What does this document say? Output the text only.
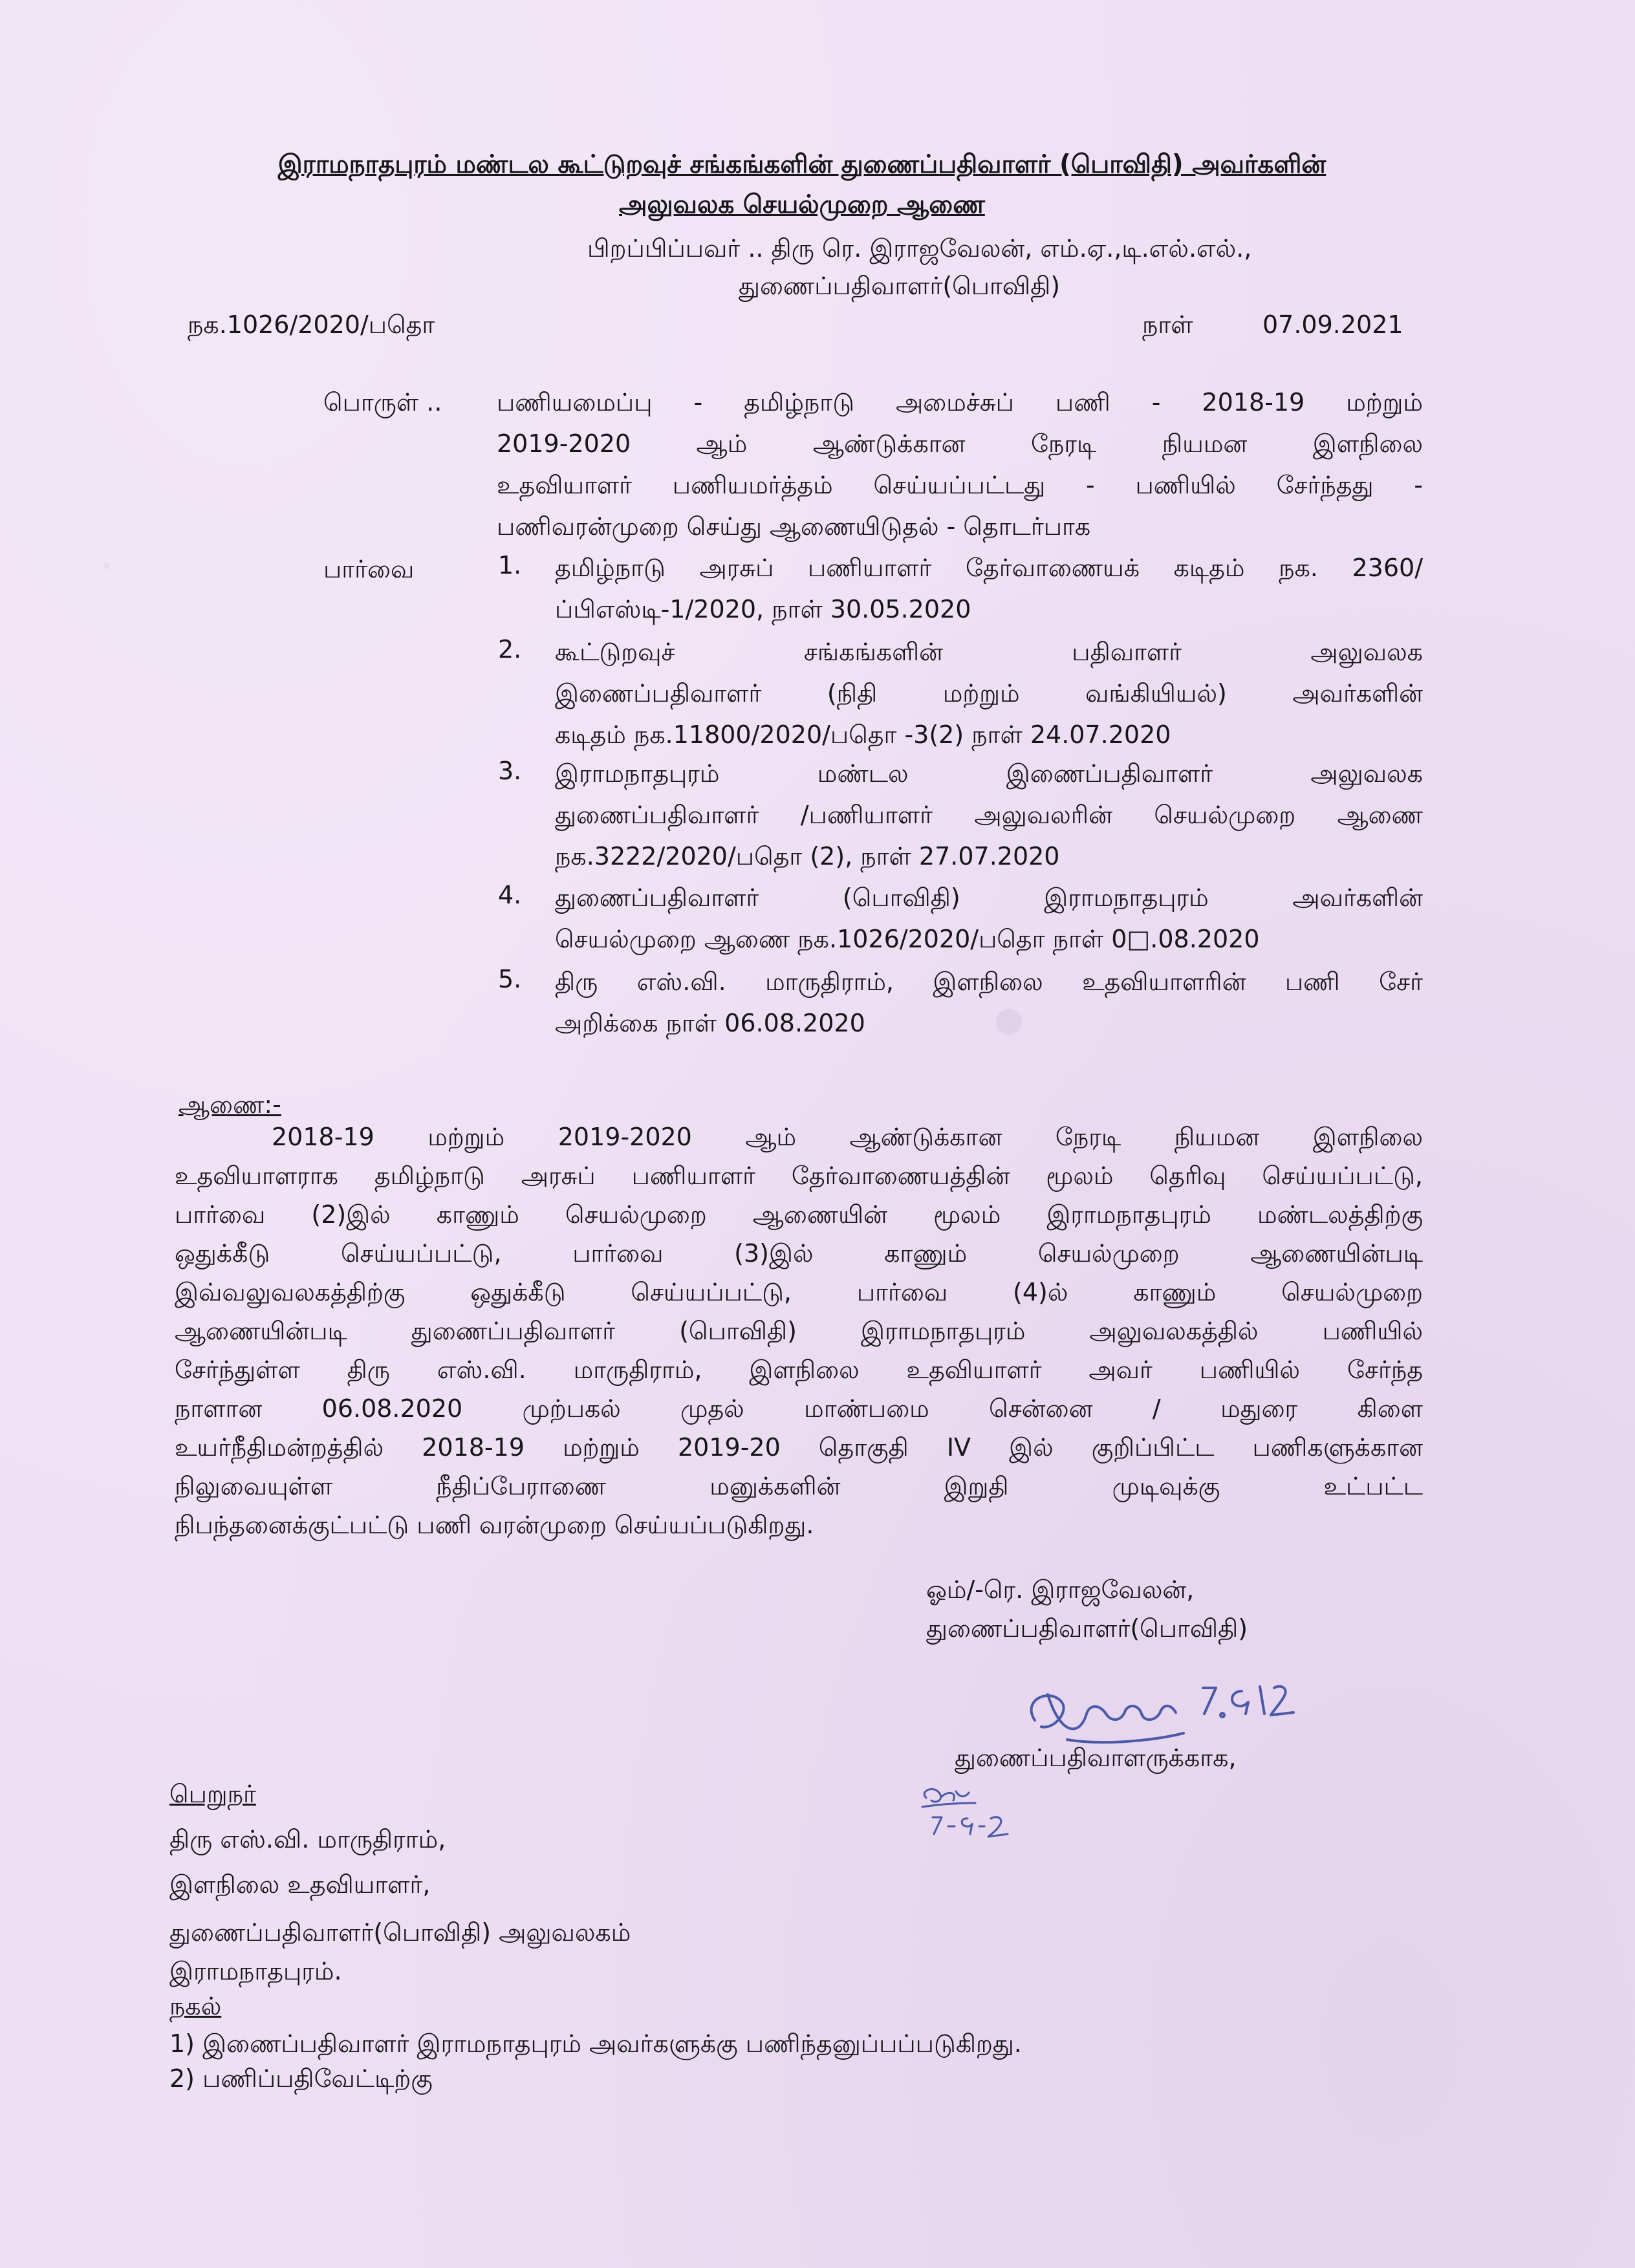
இராமநாதபுரம் மண்டல கூட்டுறவுச் சங்கங்களின் துணைப்பதிவாளர் (பொவிதி) அவர்களின்
அலுவலக செயல்முறை ஆணை
பிறப்பிப்பவர் .. திரு ரெ. இராஜவேலன், எம்.ஏ.,டி.எல்.எல்.,
துணைப்பதிவாளர்(பொவிதி)
நக.1026/2020/பதொ	நாள்	07.09.2021
பொருள் .. பணியமைப்பு - தமிழ்நாடு அமைச்சுப் பணி - 2018-19 மற்றும்
2019-2020 ஆம் ஆண்டுக்கான நேரடி நியமன இளநிலை
உதவியாளர் பணியமர்த்தம் செய்யப்பட்டது - பணியில் சேர்ந்தது -
பணிவரன்முறை செய்து ஆணையிடுதல் - தொடர்பாக
பார்வை	1. தமிழ்நாடு அரசுப் பணியாளர் தேர்வாணையக் கடிதம் நக. 2360/
ப்பிஎஸ்டி-1/2020, நாள் 30.05.2020
2. கூட்டுறவுச் சங்கங்களின் பதிவாளர் அலுவலக
இணைப்பதிவாளர் (நிதி மற்றும் வங்கியியல்) அவர்களின்
கடிதம் நக.11800/2020/பதொ -3(2) நாள் 24.07.2020
3. இராமநாதபுரம் மண்டல இணைப்பதிவாளர் அலுவலக
துணைப்பதிவாளர் /பணியாளர் அலுவலரின் செயல்முறை ஆணை
நக.3222/2020/பதொ (2), நாள் 27.07.2020
4. துணைப்பதிவாளர் (பொவிதி) இராமநாதபுரம் அவர்களின்
செயல்முறை ஆணை நக.1026/2020/பதொ நாள் 0□.08.2020
5. திரு எஸ்.வி. மாருதிராம், இளநிலை உதவியாளரின் பணி சேர்
அறிக்கை நாள் 06.08.2020
ஆணை:-
2018-19 மற்றும் 2019-2020 ஆம் ஆண்டுக்கான நேரடி நியமன இளநிலை
உதவியாளராக தமிழ்நாடு அரசுப் பணியாளர் தேர்வாணையத்தின் மூலம் தெரிவு செய்யப்பட்டு,
பார்வை (2)இல் காணும் செயல்முறை ஆணையின் மூலம் இராமநாதபுரம் மண்டலத்திற்கு
ஒதுக்கீடு செய்யப்பட்டு, பார்வை (3)இல் காணும் செயல்முறை ஆணையின்படி
இவ்வலுவலகத்திற்கு ஒதுக்கீடு செய்யப்பட்டு, பார்வை (4)ல் காணும் செயல்முறை
ஆணையின்படி துணைப்பதிவாளர் (பொவிதி) இராமநாதபுரம் அலுவலகத்தில் பணியில்
சேர்ந்துள்ள திரு எஸ்.வி. மாருதிராம், இளநிலை உதவியாளர் அவர் பணியில் சேர்ந்த
நாளான 06.08.2020 முற்பகல் முதல் மாண்பமை சென்னை / மதுரை கிளை
உயர்நீதிமன்றத்தில் 2018-19 மற்றும் 2019-20 தொகுதி IV இல் குறிப்பிட்ட பணிகளுக்கான
நிலுவையுள்ள நீதிப்பேராணை மனுக்களின் இறுதி முடிவுக்கு உட்பட்ட
நிபந்தனைக்குட்பட்டு பணி வரன்முறை செய்யப்படுகிறது.
ஓம்/-ரெ. இராஜவேலன்,
துணைப்பதிவாளர்(பொவிதி)
துணைப்பதிவாளருக்காக,
பெறுநர்
திரு எஸ்.வி. மாருதிராம்,
இளநிலை உதவியாளர்,
துணைப்பதிவாளர்(பொவிதி) அலுவலகம்
இராமநாதபுரம்.
நகல்
1) இணைப்பதிவாளர் இராமநாதபுரம் அவர்களுக்கு பணிந்தனுப்பப்படுகிறது.
2) பணிப்பதிவேட்டிற்கு
